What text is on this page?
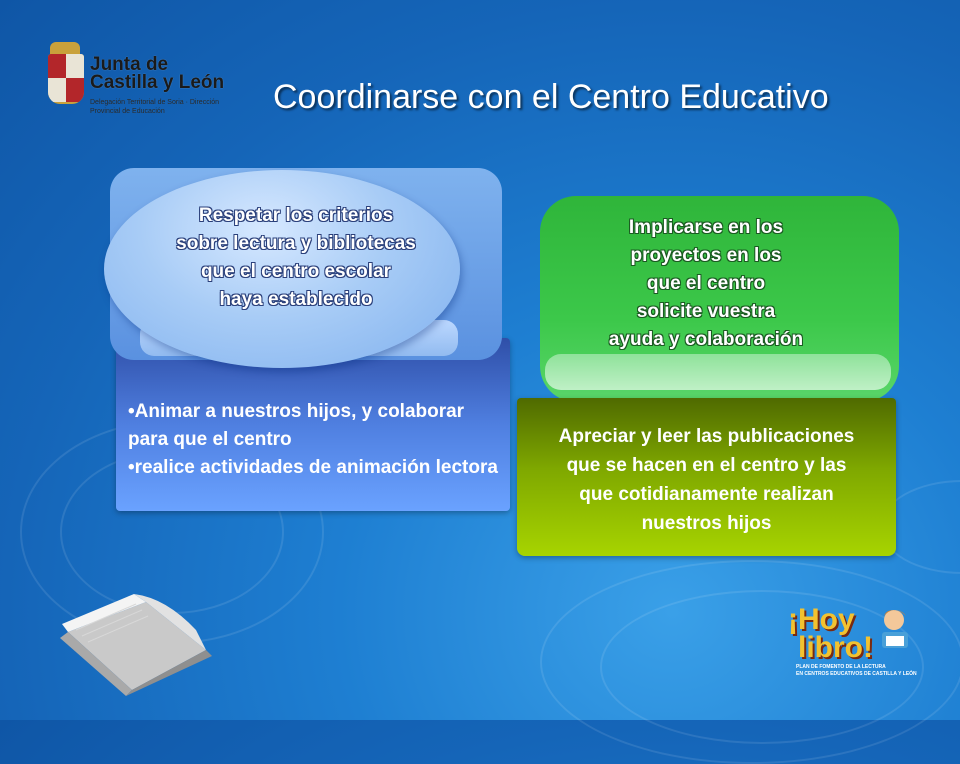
Junta de
Castilla y León
Delegación Territorial de Soria · Dirección Provincial de Educación	Coordinarse con el Centro Educativo
•Animar a nuestros hijos, y colaborar para que el centro
•realice actividades de animación lectora
Respetar los criterios
sobre lectura y bibliotecas
que el centro escolar
haya establecido
Implicarse en los
proyectos en los
que el centro
solicite vuestra
ayuda y colaboración
Apreciar y leer las publicaciones
que se hacen en el centro y las
que cotidianamente realizan
nuestros hijos
¡Hoy
libro!
PLAN DE FOMENTO DE LA LECTURA
EN CENTROS EDUCATIVOS DE CASTILLA Y LEÓN
